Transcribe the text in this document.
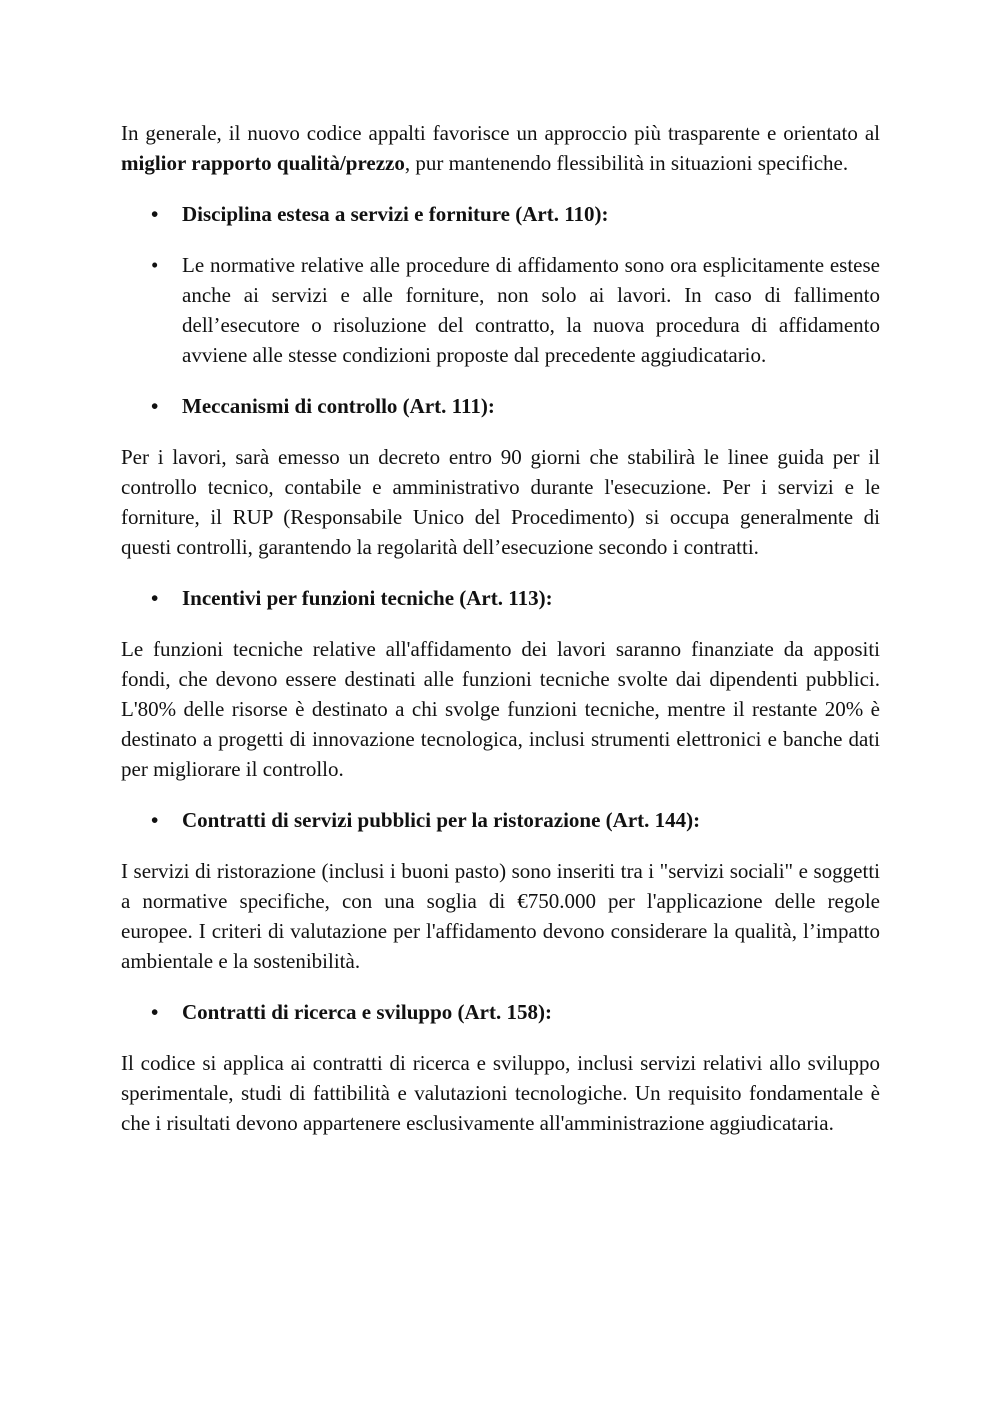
In generale, il nuovo codice appalti favorisce un approccio più trasparente e orientato al miglior rapporto qualità/prezzo, pur mantenendo flessibilità in situazioni specifiche.

•	Disciplina estesa a servizi e forniture (Art. 110):
•	Le normative relative alle procedure di affidamento sono ora esplicitamente estese anche ai servizi e alle forniture, non solo ai lavori. In caso di fallimento dell’esecutore o risoluzione del contratto, la nuova procedura di affidamento avviene alle stesse condizioni proposte dal precedente aggiudicatario.
•	Meccanismi di controllo (Art. 111):

Per i lavori, sarà emesso un decreto entro 90 giorni che stabilirà le linee guida per il controllo tecnico, contabile e amministrativo durante l'esecuzione. Per i servizi e le forniture, il RUP (Responsabile Unico del Procedimento) si occupa generalmente di questi controlli, garantendo la regolarità dell’esecuzione secondo i contratti.

•	Incentivi per funzioni tecniche (Art. 113):

Le funzioni tecniche relative all'affidamento dei lavori saranno finanziate da appositi fondi, che devono essere destinati alle funzioni tecniche svolte dai dipendenti pubblici. L'80% delle risorse è destinato a chi svolge funzioni tecniche, mentre il restante 20% è destinato a progetti di innovazione tecnologica, inclusi strumenti elettronici e banche dati per migliorare il controllo.

•	Contratti di servizi pubblici per la ristorazione (Art. 144):

I servizi di ristorazione (inclusi i buoni pasto) sono inseriti tra i "servizi sociali" e soggetti a normative specifiche, con una soglia di €750.000 per l'applicazione delle regole europee. I criteri di valutazione per l'affidamento devono considerare la qualità, l’impatto ambientale e la sostenibilità.

•	Contratti di ricerca e sviluppo (Art. 158):

Il codice si applica ai contratti di ricerca e sviluppo, inclusi servizi relativi allo sviluppo sperimentale, studi di fattibilità e valutazioni tecnologiche. Un requisito fondamentale è che i risultati devono appartenere esclusivamente all'amministrazione aggiudicataria.
